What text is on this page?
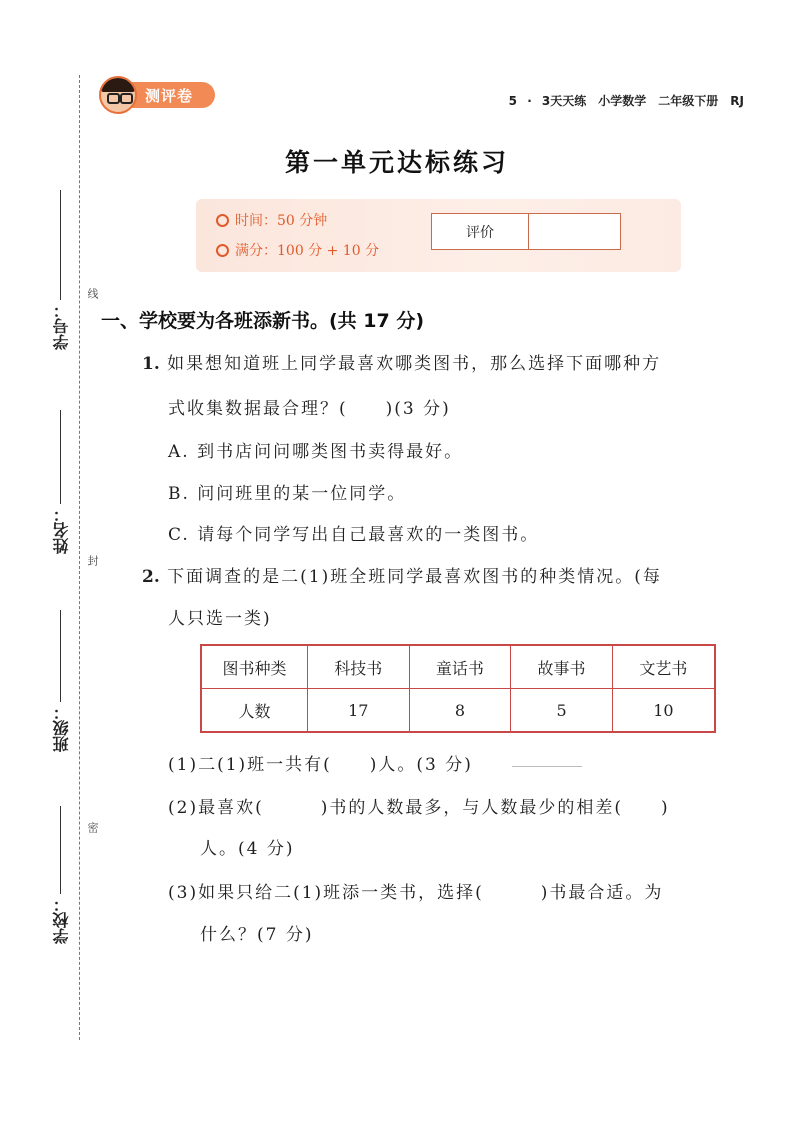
线
封
密
学号：
姓名：
班级：
学校：
测评卷	5 · 3天天练　小学数学　二年级下册　RJ
第一单元达标练习
时间：50 分钟
满分：100 分 + 10 分
评价
一、学校要为各班添新书。(共 17 分)
1. 如果想知道班上同学最喜欢哪类图书，那么选择下面哪种方
式收集数据最合理？(　　)(3 分)
A. 到书店问问哪类图书卖得最好。
B. 问问班里的某一位同学。
C. 请每个同学写出自己最喜欢的一类图书。
2. 下面调查的是二(1)班全班同学最喜欢图书的种类情况。(每
人只选一类)
图书种类	科技书	童话书	故事书	文艺书
人数	17	8	5	10
(1)二(1)班一共有(　　)人。(3 分)
(2)最喜欢(　　　)书的人数最多，与人数最少的相差(　　)
人。(4 分)
(3)如果只给二(1)班添一类书，选择(　　　)书最合适。为
什么？(7 分)
